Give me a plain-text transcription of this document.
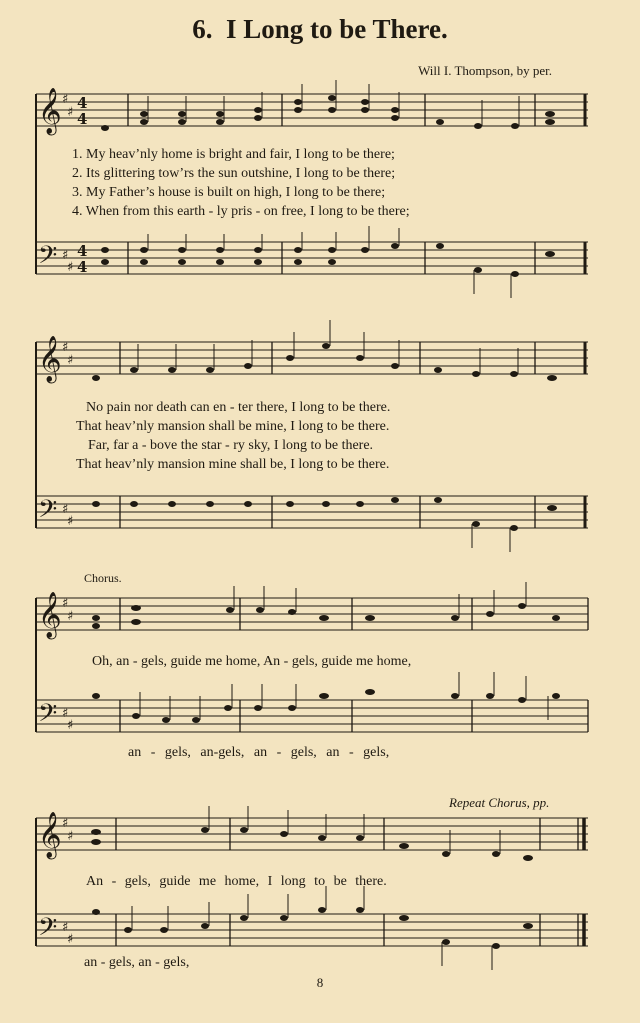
6. I Long to be There.
Will I. Thompson, by per.
𝄞
𝄢
𝄞
𝄢
𝄞
𝄢
𝄞
𝄢
♯
♯
♯
♯
♯
♯
♯
♯
♯
♯
♯
♯
♯
♯
♯
♯
4
4
4
4
1. My heav’nly home is bright and fair, I long to be there;
2. Its glittering tow’rs the sun outshine, I long to be there;
3. My Father’s house is built on high, I long to be there;
4. When from this earth - ly pris - on free, I long to be there;
No pain nor death can en - ter there, I long to be there.
That heav’nly mansion shall be mine, I long to be there.
Far, far a - bove the star - ry sky, I long to be there.
That heav’nly mansion mine shall be, I long to be there.
Chorus.
Oh, an - gels, guide me home, An - gels, guide me home,
an - gels, an-gels, an - gels, an - gels,
Repeat Chorus, pp.
An - gels, guide me home, I long to be there.
an - gels, an - gels,
8
